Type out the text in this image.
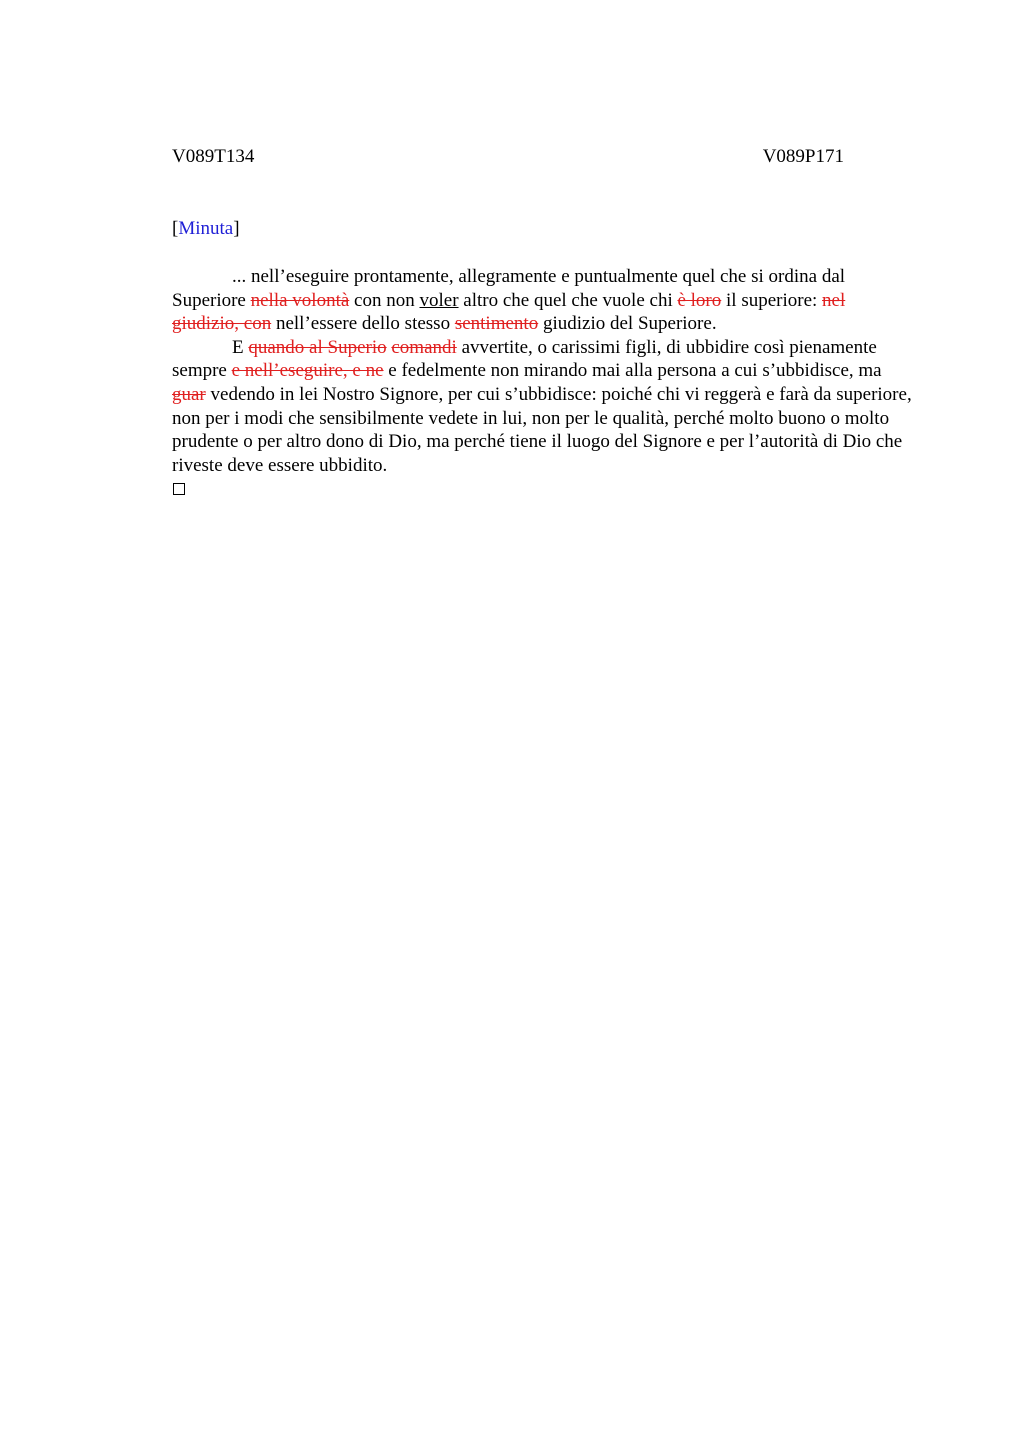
V089T134	V089P171
[Minuta]

... nell’eseguire prontamente, allegramente e puntualmente quel che si ordina dal Superiore nella volontà con non voler altro che quel che vuole chi è loro il superiore: nel giudizio, con nell’essere dello stesso sentimento giudizio del Superiore.

E quando al Superio comandi avvertite, o carissimi figli, di ubbidire così pienamente sempre e nell’eseguire, e ne e fedelmente non mirando mai alla persona a cui s’ubbidisce, ma guar vedendo in lei Nostro Signore, per cui s’ubbidisce: poiché chi vi reggerà e farà da superiore, non per i modi che sensibilmente vedete in lui, non per le qualità, perché molto buono o molto prudente o per altro dono di Dio, ma perché tiene il luogo del Signore e per l’autorità di Dio che riveste deve essere ubbidito.
